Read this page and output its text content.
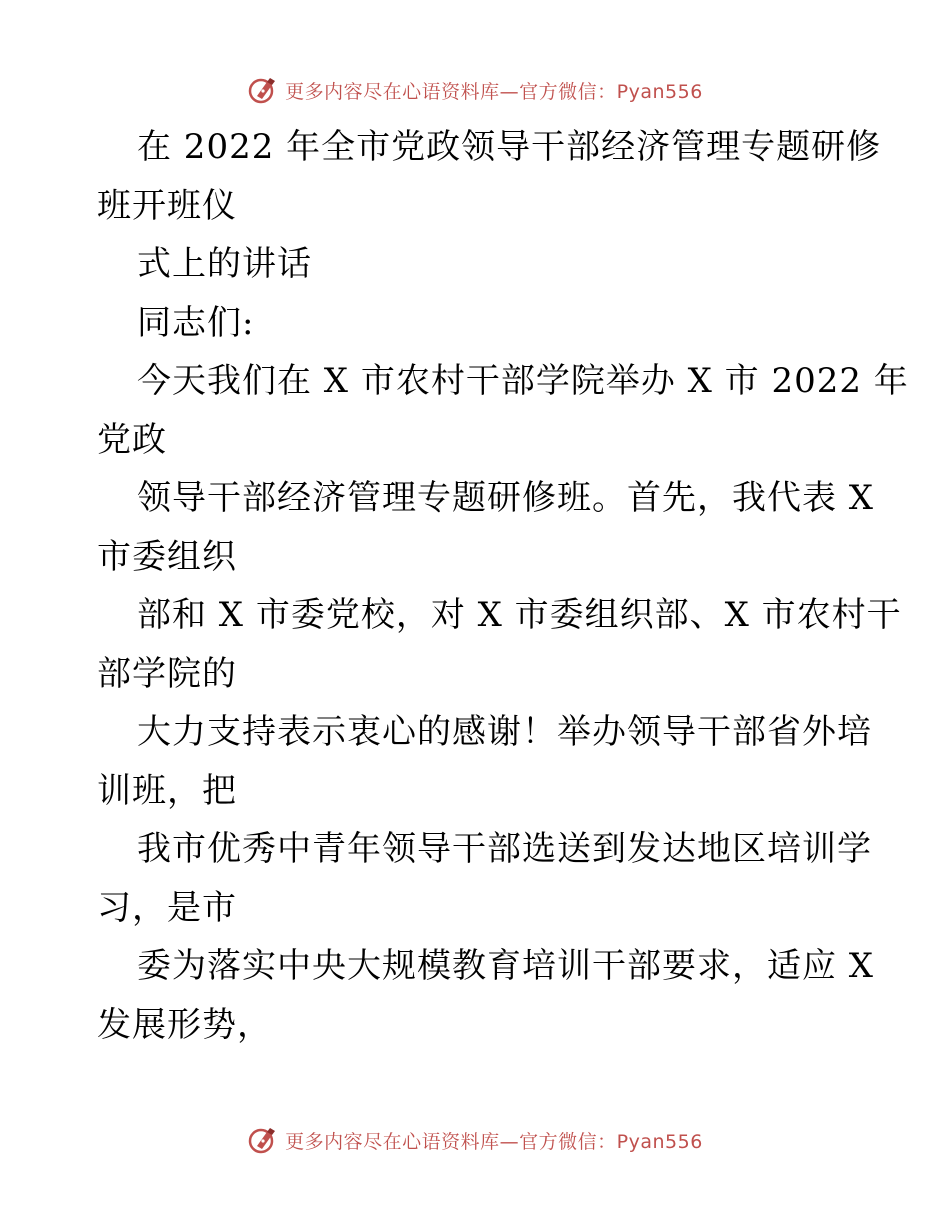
更多内容尽在心语资料库—官方微信：Pyan556
在 2022 年全市党政领导干部经济管理专题研修
班开班仪
式上的讲话
同志们:
今天我们在 X 市农村干部学院举办 X 市 2022 年
党政
领导干部经济管理专题研修班。首先，我代表 X
市委组织
部和 X 市委党校，对 X 市委组织部、X 市农村干
部学院的
大力支持表示衷心的感谢！举办领导干部省外培
训班，把
我市优秀中青年领导干部选送到发达地区培训学
习，是市
委为落实中央大规模教育培训干部要求，适应 X
发展形势，
更多内容尽在心语资料库—官方微信：Pyan556
